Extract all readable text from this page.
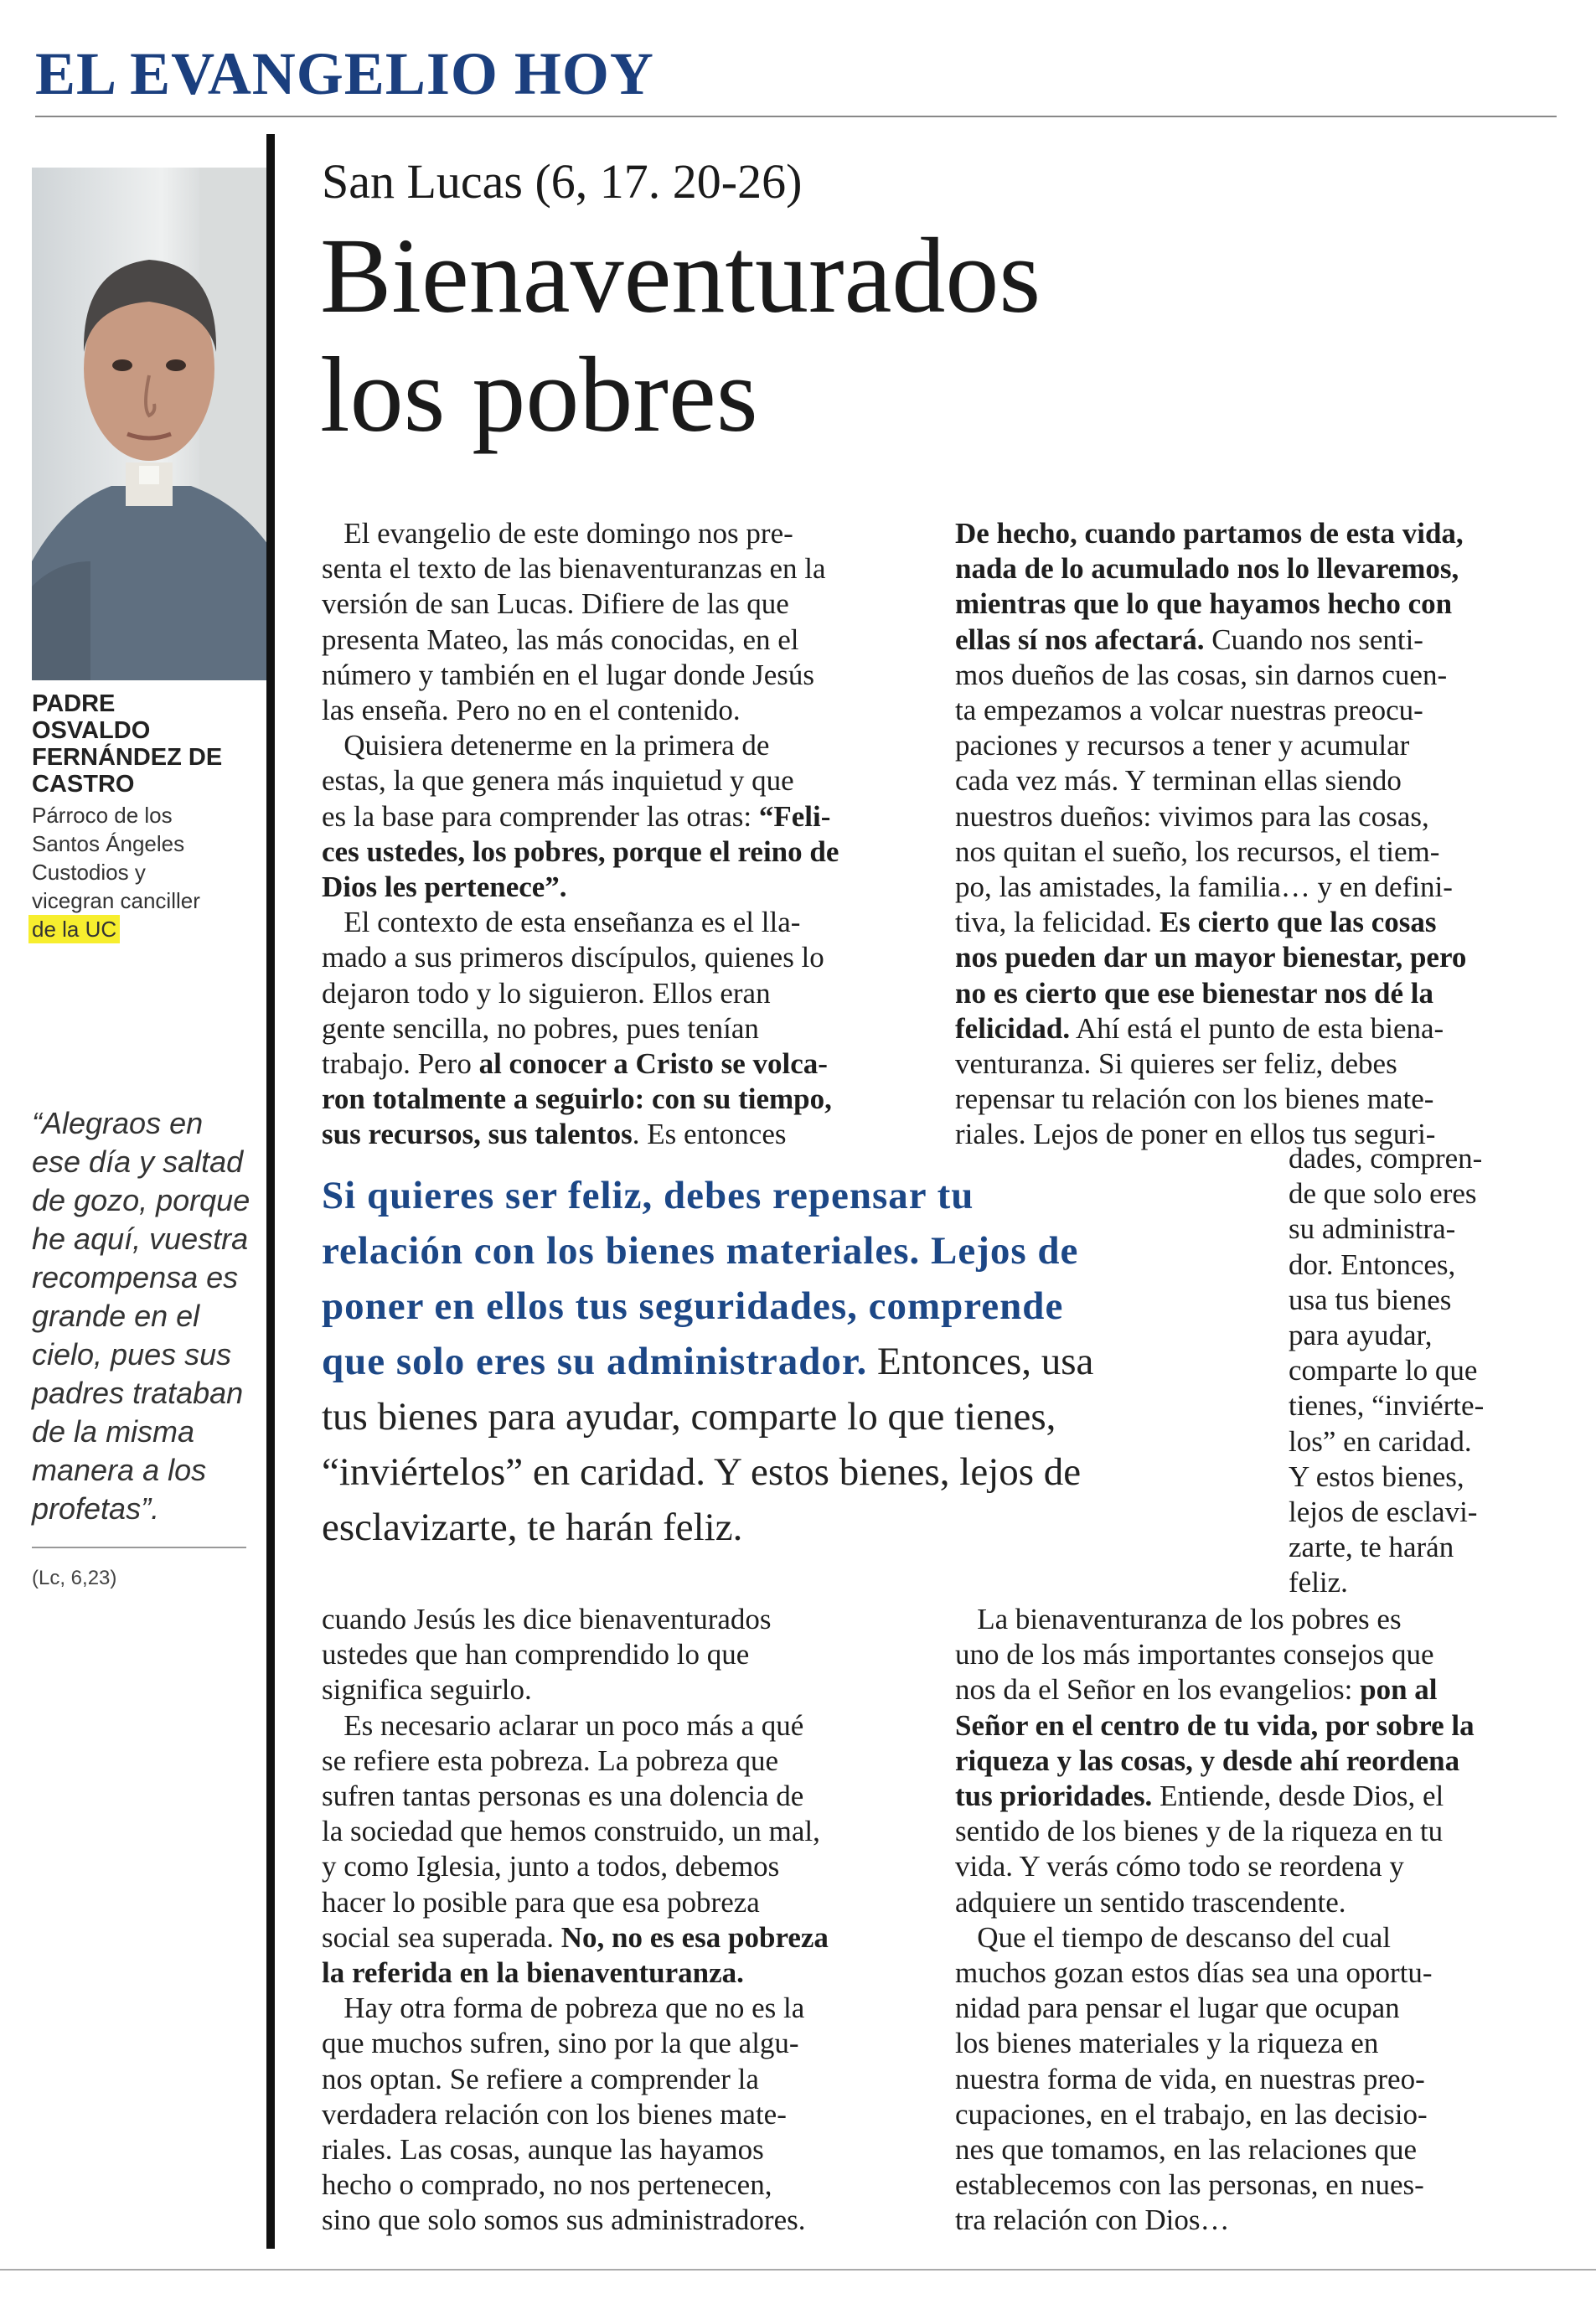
EL EVANGELIO HOY
PADRE
OSVALDO
FERNÁNDEZ DE
CASTRO
Párroco de los
Santos Ángeles
Custodios y
vicegran canciller
de la UC
“Alegraos en
ese día y saltad
de gozo, porque
he aquí, vuestra
recompensa es
grande en el
cielo, pues sus
padres trataban
de la misma
manera a los
profetas”.
(Lc, 6,23)
San Lucas (6, 17. 20-26)
Bienaventurados
los pobres
El evangelio de este domingo nos pre-
senta el texto de las bienaventuranzas en la
versión de san Lucas. Difiere de las que
presenta Mateo, las más conocidas, en el
número y también en el lugar donde Jesús
las enseña. Pero no en el contenido.
Quisiera detenerme en la primera de
estas, la que genera más inquietud y que
es la base para comprender las otras: “Feli-
ces ustedes, los pobres, porque el reino de
Dios les pertenece”.
El contexto de esta enseñanza es el lla-
mado a sus primeros discípulos, quienes lo
dejaron todo y lo siguieron. Ellos eran
gente sencilla, no pobres, pues tenían
trabajo. Pero al conocer a Cristo se volca-
ron totalmente a seguirlo: con su tiempo,
sus recursos, sus talentos. Es entonces
De hecho, cuando partamos de esta vida,
nada de lo acumulado nos lo llevaremos,
mientras que lo que hayamos hecho con
ellas sí nos afectará. Cuando nos senti-
mos dueños de las cosas, sin darnos cuen-
ta empezamos a volcar nuestras preocu-
paciones y recursos a tener y acumular
cada vez más. Y terminan ellas siendo
nuestros dueños: vivimos para las cosas,
nos quitan el sueño, los recursos, el tiem-
po, las amistades, la familia… y en defini-
tiva, la felicidad. Es cierto que las cosas
nos pueden dar un mayor bienestar, pero
no es cierto que ese bienestar nos dé la
felicidad. Ahí está el punto de esta biena-
venturanza. Si quieres ser feliz, debes
repensar tu relación con los bienes mate-
riales. Lejos de poner en ellos tus seguri-
dades, compren-
de que solo eres
su administra-
dor. Entonces,
usa tus bienes
para ayudar,
comparte lo que
tienes, “inviérte-
los” en caridad.
Y estos bienes,
lejos de esclavi-
zarte, te harán
feliz.
Si quieres ser feliz, debes repensar tu
relación con los bienes materiales. Lejos de
poner en ellos tus seguridades, comprende
que solo eres su administrador. Entonces, usa
tus bienes para ayudar, comparte lo que tienes,
“inviértelos” en caridad. Y estos bienes, lejos de
esclavizarte, te harán feliz.
cuando Jesús les dice bienaventurados
ustedes que han comprendido lo que
significa seguirlo.
Es necesario aclarar un poco más a qué
se refiere esta pobreza. La pobreza que
sufren tantas personas es una dolencia de
la sociedad que hemos construido, un mal,
y como Iglesia, junto a todos, debemos
hacer lo posible para que esa pobreza
social sea superada. No, no es esa pobreza
la referida en la bienaventuranza.
Hay otra forma de pobreza que no es la
que muchos sufren, sino por la que algu-
nos optan. Se refiere a comprender la
verdadera relación con los bienes mate-
riales. Las cosas, aunque las hayamos
hecho o comprado, no nos pertenecen,
sino que solo somos sus administradores.
La bienaventuranza de los pobres es
uno de los más importantes consejos que
nos da el Señor en los evangelios: pon al
Señor en el centro de tu vida, por sobre la
riqueza y las cosas, y desde ahí reordena
tus prioridades. Entiende, desde Dios, el
sentido de los bienes y de la riqueza en tu
vida. Y verás cómo todo se reordena y
adquiere un sentido trascendente.
Que el tiempo de descanso del cual
muchos gozan estos días sea una oportu-
nidad para pensar el lugar que ocupan
los bienes materiales y la riqueza en
nuestra forma de vida, en nuestras preo-
cupaciones, en el trabajo, en las decisio-
nes que tomamos, en las relaciones que
establecemos con las personas, en nues-
tra relación con Dios…
